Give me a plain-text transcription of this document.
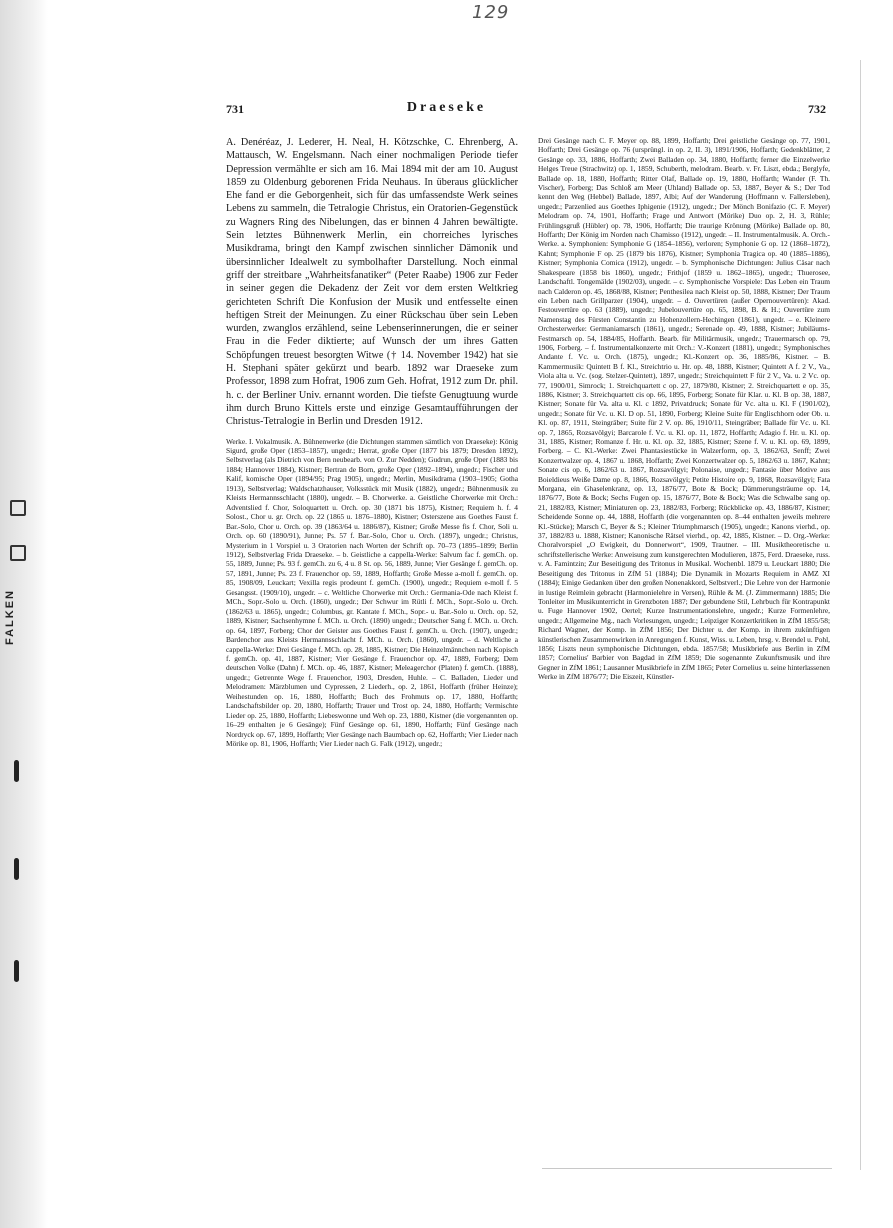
129
FALKEN
731	Draeseke	732

A. Denéréaz, J. Lederer, H. Neal, H. Kötzschke, C. Ehrenberg, A. Mattausch, W. Engelsmann. Nach einer nochmaligen Periode tiefer Depression vermählte er sich am 16. Mai 1894 mit der am 10. August 1859 zu Oldenburg geborenen Frida Neuhaus. In überaus glücklicher Ehe fand er die Geborgenheit, sich für das umfassendste Werk seines Lebens zu sammeln, die Tetralogie Christus, ein Oratorien-Gegenstück zu Wagners Ring des Nibelungen, das er binnen 4 Jahren bewältigte. Sein letztes Bühnenwerk Merlin, ein chorreiches lyrisches Musikdrama, bringt den Kampf zwischen sinnlicher Dämonik und übersinnlicher Idealwelt zu symbolhafter Darstellung. Noch einmal griff der streitbare „Wahrheitsfanatiker“ (Peter Raabe) 1906 zur Feder in seiner gegen die Dekadenz der Zeit vor dem ersten Weltkrieg gerichteten Schrift Die Konfusion der Musik und entfesselte einen heftigen Streit der Meinungen. Zu einer Rückschau über sein Leben wurden, zwanglos erzählend, seine Lebenserinnerungen, die er seiner Frau in die Feder diktierte; auf Wunsch der um ihres Gatten Schöpfungen treuest besorgten Witwe († 14. November 1942) hat sie H. Stephani später gekürzt und bearb. 1892 war Draeseke zum Professor, 1898 zum Hofrat, 1906 zum Geh. Hofrat, 1912 zum Dr. phil. h. c. der Berliner Univ. ernannt worden. Die tiefste Genugtuung wurde ihm durch Bruno Kittels erste und einzige Gesamtaufführungen der Christus-Tetralogie in Berlin und Dresden 1912.

Werke. I. Vokalmusik. A. Bühnenwerke (die Dichtungen stammen sämtlich von Draeseke): König Sigurd, große Oper (1853–1857), ungedr.; Herrat, große Oper (1877 bis 1879; Dresden 1892), Selbstverlag (als Dietrich von Bern neubearb. von O. Zur Nedden); Gudrun, große Oper (1883 bis 1884; Hannover 1884), Kistner; Bertran de Born, große Oper (1892–1894), ungedr.; Fischer und Kalif, komische Oper (1894/95; Prag 1905), ungedr.; Merlin, Musikdrama (1903–1905; Gotha 1913), Selbstverlag; Waldschatzhauser, Volksstück mit Musik (1882), ungedr.; Bühnenmusik zu Kleists Hermannsschlacht (1880), ungedr. – B. Chorwerke. a. Geistliche Chorwerke mit Orch.: Adventslied f. Chor, Soloquartett u. Orch. op. 30 (1871 bis 1875), Kistner; Requiem h. f. 4 Solost., Chor u. gr. Orch. op. 22 (1865 u. 1876–1880), Kistner; Osterszene aus Goethes Faust f. Bar.-Solo, Chor u. Orch. op. 39 (1863/64 u. 1886/87), Kistner; Große Messe fis f. Chor, Soli u. Orch. op. 60 (1890/91), Junne; Ps. 57 f. Bar.-Solo, Chor u. Orch. (1897), ungedr.; Christus, Mysterium in 1 Vorspiel u. 3 Oratorien nach Worten der Schrift op. 70–73 (1895–1899; Berlin 1912), Selbstverlag Frida Draeseke. – b. Geistliche a cappella-Werke: Salvum fac f. gemCh. op. 55, 1889, Junne; Ps. 93 f. gemCh. zu 6, 4 u. 8 St. op. 56, 1889, Junne; Vier Gesänge f. gemCh. op. 57, 1891, Junne; Ps. 23 f. Frauenchor op. 59, 1889, Hoffarth; Große Messe a-moll f. gemCh. op. 85, 1908/09, Leuckart; Vexilla regis prodeunt f. gemCh. (1900), ungedr.; Requiem e-moll f. 5 Gesangsst. (1909/10), ungedr. – c. Weltliche Chorwerke mit Orch.: Germania-Ode nach Kleist f. MCh., Sopr.-Solo u. Orch. (1860), ungedr.; Der Schwur im Rütli f. MCh., Sopr.-Solo u. Orch. (1862/63 u. 1865), ungedr.; Columbus, gr. Kantate f. MCh., Sopr.- u. Bar.-Solo u. Orch. op. 52, 1889, Kistner; Sachsenhymne f. MCh. u. Orch. (1890) ungedr.; Deutscher Sang f. MCh. u. Orch. op. 64, 1897, Forberg; Chor der Geister aus Goethes Faust f. gemCh. u. Orch. (1907), ungedr.; Bardenchor aus Kleists Hermannsschlacht f. MCh. u. Orch. (1860), ungedr. – d. Weltliche a cappella-Werke: Drei Gesänge f. MCh. op. 28, 1885, Kistner; Die Heinzelmännchen nach Kopisch f. gemCh. op. 41, 1887, Kistner; Vier Gesänge f. Frauenchor op. 47, 1889, Forberg; Dem deutschen Volke (Dahn) f. MCh. op. 46, 1887, Kistner; Meleagerchor (Platen) f. gemCh. (1888), ungedr.; Getrennte Wege f. Frauenchor, 1903, Dresden, Huhle. – C. Balladen, Lieder und Melodramen: Märzblumen und Cypressen, 2 Liederh., op. 2, 1861, Hoffarth (früher Heinze); Weihestunden op. 16, 1880, Hoffarth; Buch des Frohmuts op. 17, 1880, Hoffarth; Landschaftsbilder op. 20, 1880, Hoffarth; Trauer und Trost op. 24, 1880, Hoffarth; Vermischte Lieder op. 25, 1880, Hoffarth; Liebeswonne und Weh op. 23, 1880, Kistner (die vorgenannten op. 16–29 enthalten je 6 Gesänge); Fünf Gesänge op. 61, 1890, Hoffarth; Fünf Gesänge nach Nordryck op. 67, 1899, Hoffarth; Vier Gesänge nach Baumbach op. 62, Hoffarth; Vier Lieder nach Mörike op. 81, 1906, Hoffarth; Vier Lieder nach G. Falk (1912), ungedr.;

Drei Gesänge nach C. F. Meyer op. 88, 1899, Hoffarth; Drei geistliche Gesänge op. 77, 1901, Hoffarth; Drei Gesänge op. 76 (ursprüngl. in op. 2, II. 3), 1891/1906, Hoffarth; Gedenkblätter, 2 Gesänge op. 33, 1886, Hoffarth; Zwei Balladen op. 34, 1880, Hoffarth; ferner die Einzelwerke Helges Treue (Strachwitz) op. 1, 1859, Schuberth, melodram. Bearb. v. Fr. Liszt, ebda.; Berglyfe, Ballade op. 18, 1880, Hoffarth; Ritter Olaf, Ballade op. 19, 1880, Hoffarth; Wander (F. Th. Vischer), Forberg; Das Schloß am Meer (Uhland) Ballade op. 53, 1887, Beyer & S.; Der Tod kennt den Weg (Hebbel) Ballade, 1897, Albi; Auf der Wanderung (Hoffmann v. Fallersleben), ungedr.; Parzenlied aus Goethes Iphigenie (1912), ungedr.; Der Mönch Bonifazio (C. F. Meyer) Melodram op. 74, 1901, Hoffarth; Frage und Antwort (Mörike) Duo op. 2, H. 3, Rühle; Frühlingsgruß (Hübler) op. 78, 1906, Hoffarth; Die traurige Krönung (Mörike) Ballade op. 80, Hoffarth; Der König im Norden nach Chamisso (1912), ungedr. – II. Instrumentalmusik. A. Orch.-Werke. a. Symphonien: Symphonie G (1854–1856), verloren; Symphonie G op. 12 (1868–1872), Kahnt; Symphonie F op. 25 (1879 bis 1876), Kistner; Symphonia Tragica op. 40 (1885–1886), Kistner; Symphonia Comica (1912), ungedr. – b. Symphonische Dichtungen: Julius Cäsar nach Shakespeare (1858 bis 1860), ungedr.; Frithjof (1859 u. 1862–1865), ungedr.; Thuerosee, Landschaftl. Tongemälde (1902/03), ungedr. – c. Symphonische Vorspiele: Das Leben ein Traum nach Calderon op. 45, 1868/88, Kistner; Penthesilea nach Kleist op. 50, 1888, Kistner; Der Traum ein Leben nach Grillparzer (1904), ungedr. – d. Ouvertüren (außer Opernouvertüren): Akad. Festouvertüre op. 63 (1889), ungedr.; Jubelouvertüre op. 65, 1898, B. & H.; Ouvertüre zum Namenstag des Fürsten Constantin zu Hohenzollern-Hechingen (1861), ungedr. – e. Kleinere Orchesterwerke: Germaniamarsch (1861), ungedr.; Serenade op. 49, 1888, Kistner; Jubiläums-Festmarsch op. 54, 1884/85, Hoffarth. Bearb. für Militärmusik, ungedr.; Trauermarsch op. 79, 1906, Forberg. – f. Instrumentalkonzerte mit Orch.: V.-Konzert (1881), ungedr.; Symphonisches Andante f. Vc. u. Orch. (1875), ungedr.; Kl.-Konzert op. 36, 1885/86, Kistner. – B. Kammermusik: Quintett B f. Kl., Streichtrio u. Hr. op. 48, 1888, Kistner; Quintett A f. 2 V., Va., Viola alta u. Vc. (sog. Stelzer-Quintett), 1897, ungedr.; Streichquintett F für 2 V., Va. u. 2 Vc. op. 77, 1900/01, Simrock; 1. Streichquartett c op. 27, 1879/80, Kistner; 2. Streichquartett e op. 35, 1886, Kistner; 3. Streichquartett cis op. 66, 1895, Forberg; Sonate für Klar. u. Kl. B op. 38, 1887, Kistner; Sonate für Va. alta u. Kl. c 1892, Privatdruck; Sonate für Vc. alta u. Kl. F (1901/02), ungedr.; Sonate für Vc. u. Kl. D op. 51, 1890, Forberg; Kleine Suite für Englischhorn oder Ob. u. Kl. op. 87, 1911, Steingräber; Suite für 2 V. op. 86, 1910/11, Steingräber; Ballade für Vc. u. Kl. op. 7, 1865, Rozsavölgyi; Barcarole f. Vc. u. Kl. op. 11, 1872, Hoffarth; Adagio f. Hr. u. Kl. op. 31, 1885, Kistner; Romanze f. Hr. u. Kl. op. 32, 1885, Kistner; Szene f. V. u. Kl. op. 69, 1899, Forberg. – C. Kl.-Werke: Zwei Phantasiestücke in Walzerform, op. 3, 1862/63, Senff; Zwei Konzertwalzer op. 4, 1867 u. 1868, Hoffarth; Zwei Konzertwalzer op. 5, 1862/63 u. 1867, Kahnt; Sonate cis op. 6, 1862/63 u. 1867, Rozsavölgyi; Polonaise, ungedr.; Fantasie über Motive aus Boieldieus Weiße Dame op. 8, 1866, Rozsavölgyi; Petite Histoire op. 9, 1868, Rozsavölgyi; Fata Morgana, ein Ghaselenkranz, op. 13, 1876/77, Bote & Bock; Dämmerungsträume op. 14, 1876/77, Bote & Bock; Sechs Fugen op. 15, 1876/77, Bote & Bock; Was die Schwalbe sang op. 21, 1882/83, Kistner; Miniaturen op. 23, 1882/83, Forberg; Rückblicke op. 43, 1886/87, Kistner; Scheidende Sonne op. 44, 1888, Hoffarth (die vorgenannten op. 8–44 enthalten jeweils mehrere Kl.-Stücke); Marsch C, Beyer & S.; Kleiner Triumphmarsch (1905), ungedr.; Kanons vierhd., op. 37, 1882/83 u. 1888, Kistner; Kanonische Rätsel vierhd., op. 42, 1885, Kistner. – D. Org.-Werke: Choralvorspiel „O Ewigkeit, du Donnerwort“, 1909, Trautner. – III. Musiktheoretische u. schriftstellerische Werke: Anweisung zum kunstgerechten Modulieren, 1875, Ferd. Draeseke, russ. v. A. Famintzin; Zur Beseitigung des Tritonus in Musikal. Wochenbl. 1879 u. Leuckart 1880; Die Beseitigung des Tritonus in ZfM 51 (1884); Die Dynamik in Mozarts Requiem in AMZ XI (1884); Einige Gedanken über den großen Nonenakkord, Selbstverl.; Die Lehre von der Harmonie in lustige Reimlein gebracht (Harmonielehre in Versen), Rühle & M. (J. Zimmermann) 1885; Die Tonleiter im Musikunterricht in Grenzboten 1887; Der gebundene Stil, Lehrbuch für Kontrapunkt u. Fuge Hannover 1902, Oertel; Kurze Instrumentationslehre, ungedr.; Kurze Formenlehre, ungedr.; Allgemeine Mg., nach Vorlesungen, ungedr.; Leipziger Konzertkritiken in ZfM 1855/58; Richard Wagner, der Komp. in ZfM 1856; Der Dichter u. der Komp. in ihrem zukünftigen künstlerischen Zusammenwirken in Anregungen f. Kunst, Wiss. u. Leben, hrsg. v. Brendel u. Pohl, 1856; Liszts neun symphonische Dichtungen, ebda. 1857/58; Musikbriefe aus Berlin in ZfM 1857; Cornelius' Barbier von Bagdad in ZfM 1859; Die sogenannte Zukunftsmusik und ihre Gegner in ZfM 1861; Lausanner Musikbriefe in ZfM 1865; Peter Cornelius u. seine hinterlassenen Werke in ZfM 1876/77; Die Eiszeit, Künstler-
